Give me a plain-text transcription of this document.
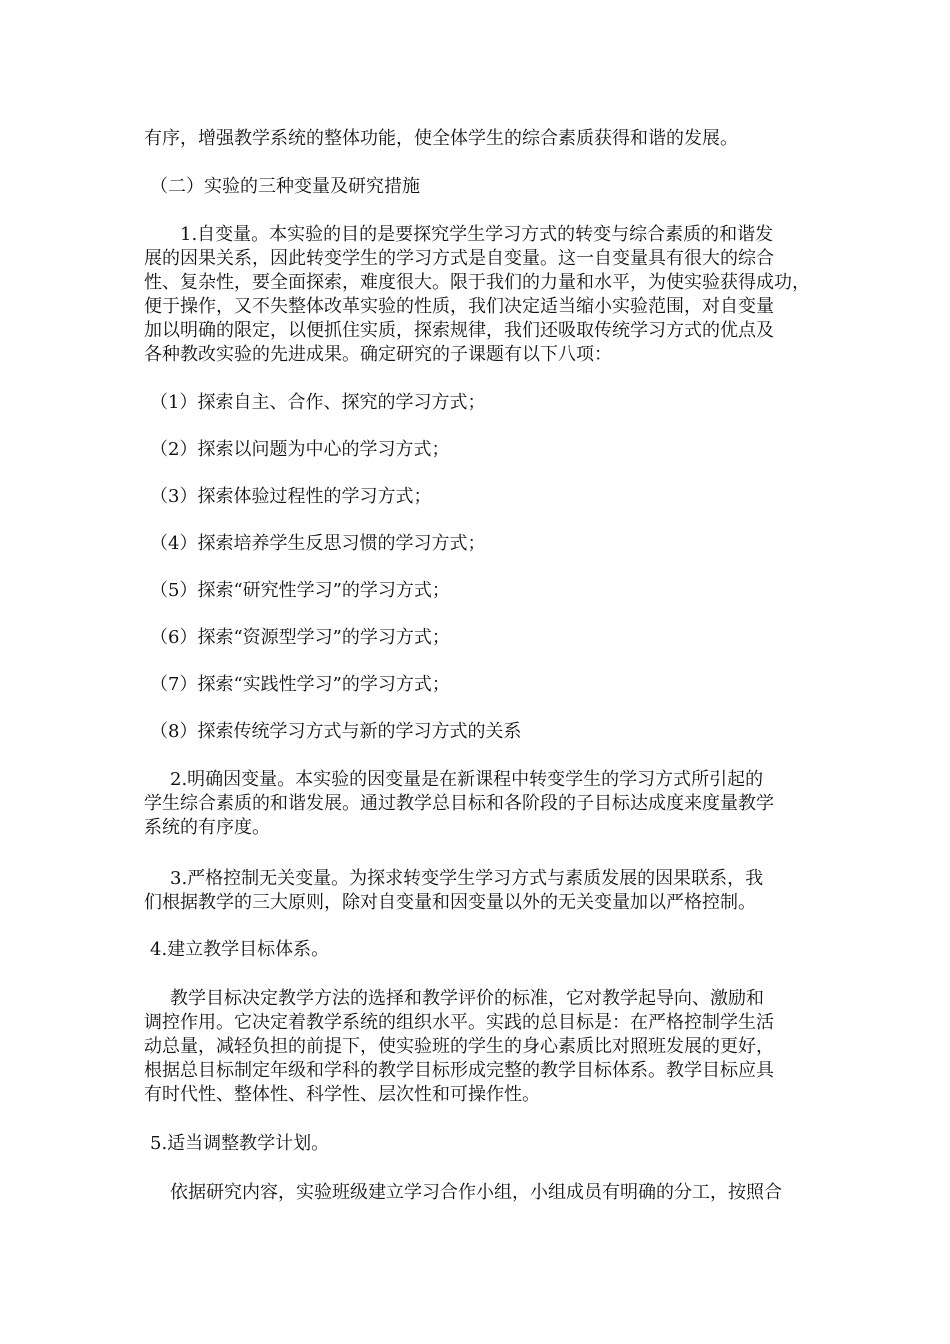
有序，增强教学系统的整体功能，使全体学生的综合素质获得和谐的发展。

（二）实验的三种变量及研究措施

1.自变量。本实验的目的是要探究学生学习方式的转变与综合素质的和谐发

展的因果关系，因此转变学生的学习方式是自变量。这一自变量具有很大的综合

性、复杂性，要全面探索，难度很大。限于我们的力量和水平，为使实验获得成功，

便于操作，又不失整体改革实验的性质，我们决定适当缩小实验范围，对自变量

加以明确的限定，以便抓住实质，探索规律，我们还吸取传统学习方式的优点及

各种教改实验的先进成果。确定研究的子课题有以下八项：

（1）探索自主、合作、探究的学习方式；

（2）探索以问题为中心的学习方式；

（3）探索体验过程性的学习方式；

（4）探索培养学生反思习惯的学习方式；

（5）探索“研究性学习”的学习方式；

（6）探索“资源型学习”的学习方式；

（7）探索“实践性学习”的学习方式；

（8）探索传统学习方式与新的学习方式的关系

2.明确因变量。本实验的因变量是在新课程中转变学生的学习方式所引起的

学生综合素质的和谐发展。通过教学总目标和各阶段的子目标达成度来度量教学

系统的有序度。

3.严格控制无关变量。为探求转变学生学习方式与素质发展的因果联系，我

们根据教学的三大原则，除对自变量和因变量以外的无关变量加以严格控制。

4.建立教学目标体系。

教学目标决定教学方法的选择和教学评价的标准，它对教学起导向、激励和

调控作用。它决定着教学系统的组织水平。实践的总目标是：在严格控制学生活

动总量，减轻负担的前提下，使实验班的学生的身心素质比对照班发展的更好，

根据总目标制定年级和学科的教学目标形成完整的教学目标体系。教学目标应具

有时代性、整体性、科学性、层次性和可操作性。

5.适当调整教学计划。

依据研究内容，实验班级建立学习合作小组，小组成员有明确的分工，按照合
